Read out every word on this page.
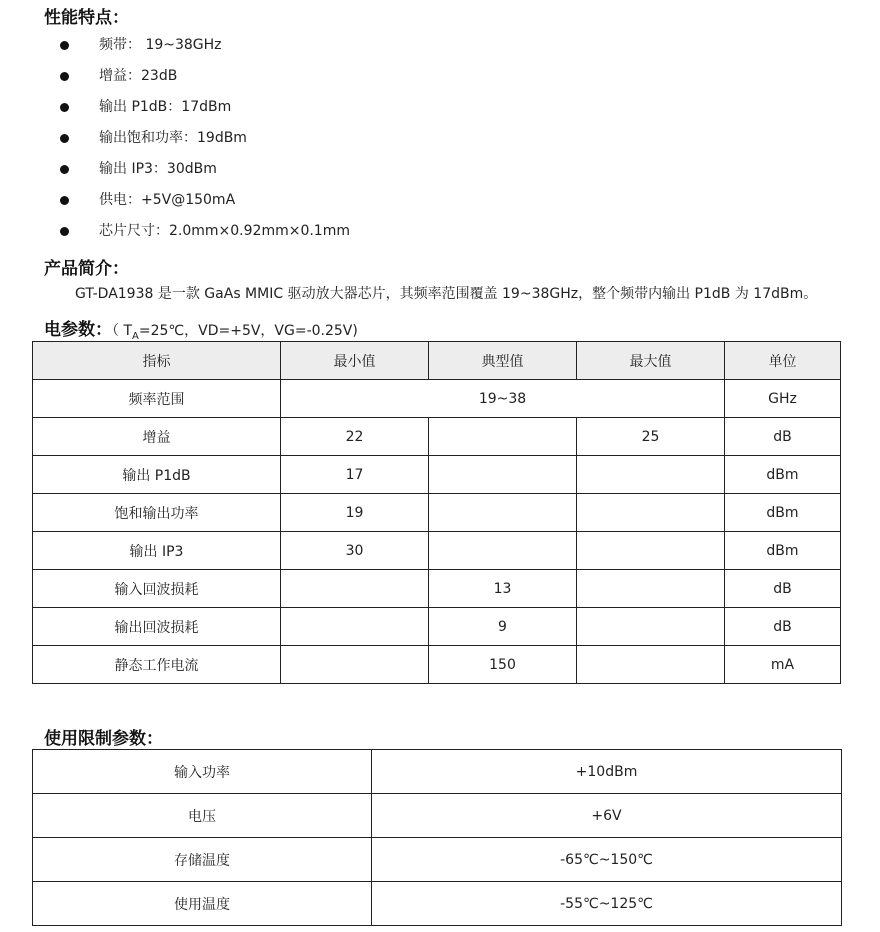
性能特点：
频带： 19~38GHz
增益：23dB
输出 P1dB：17dBm
输出饱和功率：19dBm
输出 IP3：30dBm
供电：+5V@150mA
芯片尺寸：2.0mm×0.92mm×0.1mm
产品简介：

GT-DA1938 是一款 GaAs MMIC 驱动放大器芯片，其频率范围覆盖 19~38GHz，整个频带内输出 P1dB 为 17dBm。

电参数：（ $T_A=25℃$，VD=+5V，VG=-0.25V)
指标	最小值	典型值	最大值	单位
频率范围	19~38			GHz
增益	22		25	dB
输出 P1dB	17			dBm
饱和输出功率	19			dBm
输出 IP3	30			dBm
输入回波损耗		13		dB
输出回波损耗		9		dB
静态工作电流		150		mA
使用限制参数：
输入功率	+10dBm
电压	+6V
存储温度	-65℃~150℃
使用温度	-55℃~125℃
